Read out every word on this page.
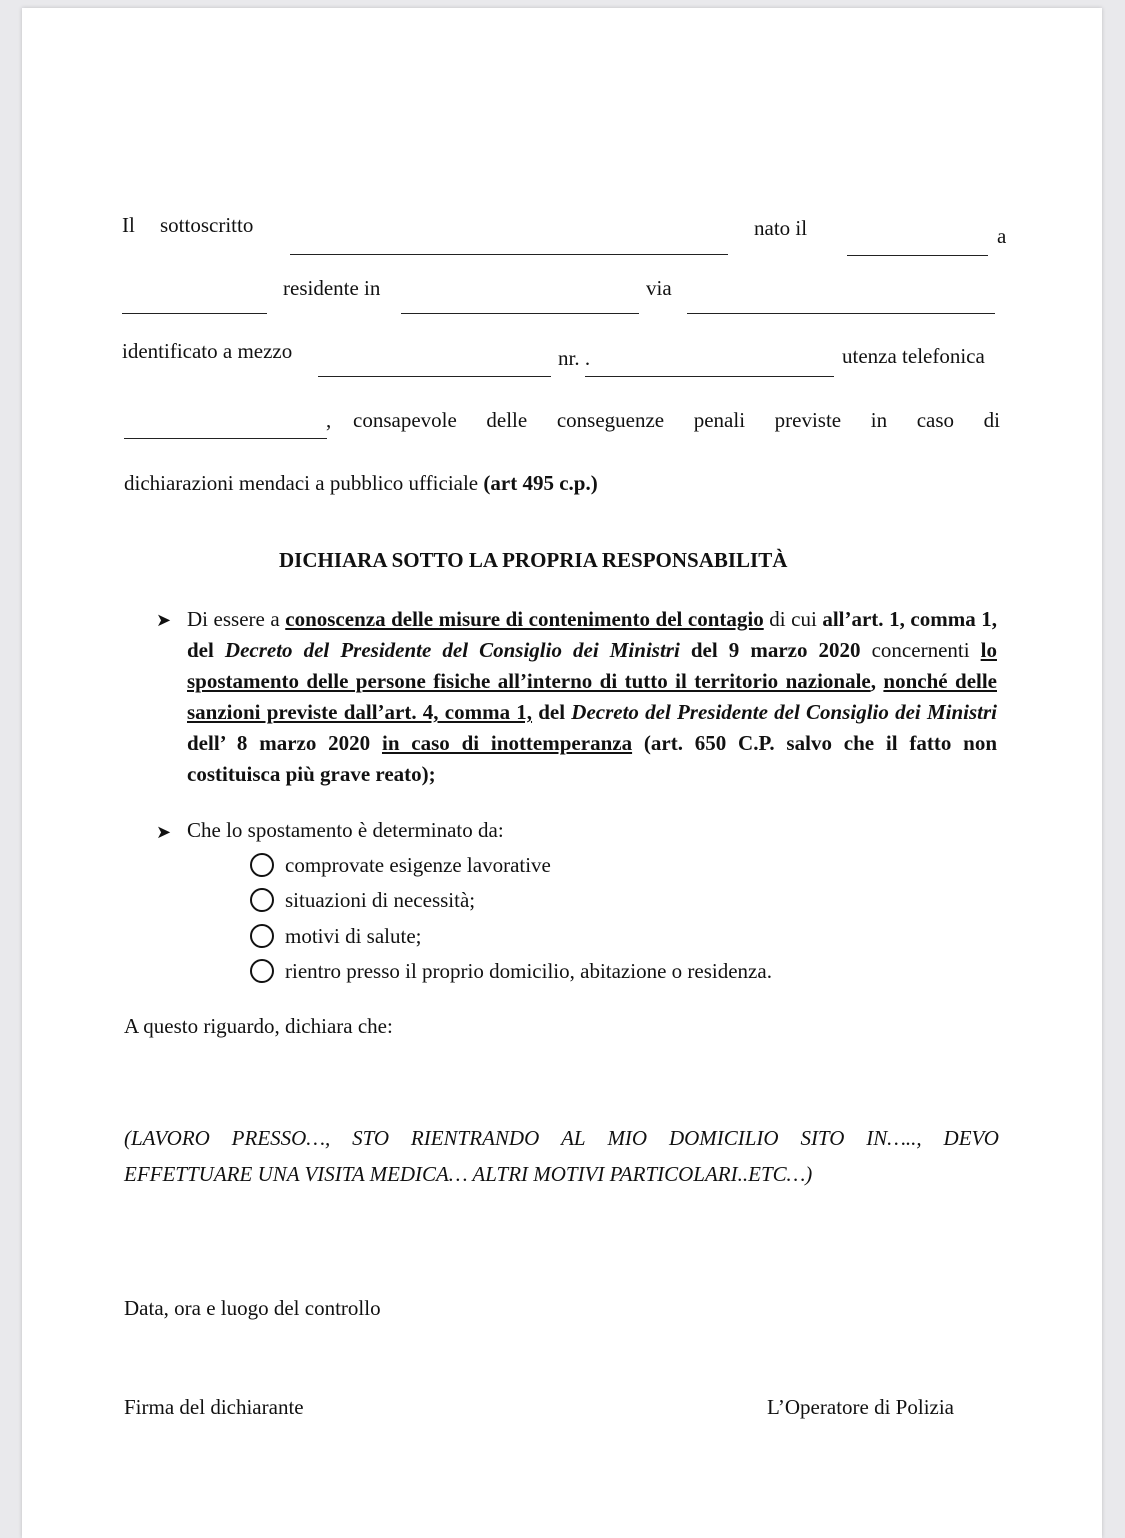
Il sottoscritto	nato il	a
residente in	via
identificato a mezzo	nr. .	utenza telefonica
, consapevole delle conseguenze penali previste in caso di
dichiarazioni mendaci a pubblico ufficiale (art 495 c.p.)
DICHIARA SOTTO LA PROPRIA RESPONSABILITÀ
➤ Di essere a conoscenza delle misure di contenimento del contagio di cui all’art. 1, comma 1, del Decreto del Presidente del Consiglio dei Ministri del 9 marzo 2020 concernenti lo spostamento delle persone fisiche all’interno di tutto il territorio nazionale, nonché delle sanzioni previste dall’art. 4, comma 1, del Decreto del Presidente del Consiglio dei Ministri dell’ 8 marzo 2020 in caso di inottemperanza (art. 650 C.P. salvo che il fatto non costituisca più grave reato);
➤ Che lo spostamento è determinato da:
comprovate esigenze lavorative
situazioni di necessità;
motivi di salute;
rientro presso il proprio domicilio, abitazione o residenza.
A questo riguardo, dichiara che:
(LAVORO PRESSO…, STO RIENTRANDO AL MIO DOMICILIO SITO IN….., DEVO
EFFETTUARE UNA VISITA MEDICA… ALTRI MOTIVI PARTICOLARI..ETC…)
Data, ora e luogo del controllo
Firma del dichiarante	L’Operatore di Polizia
